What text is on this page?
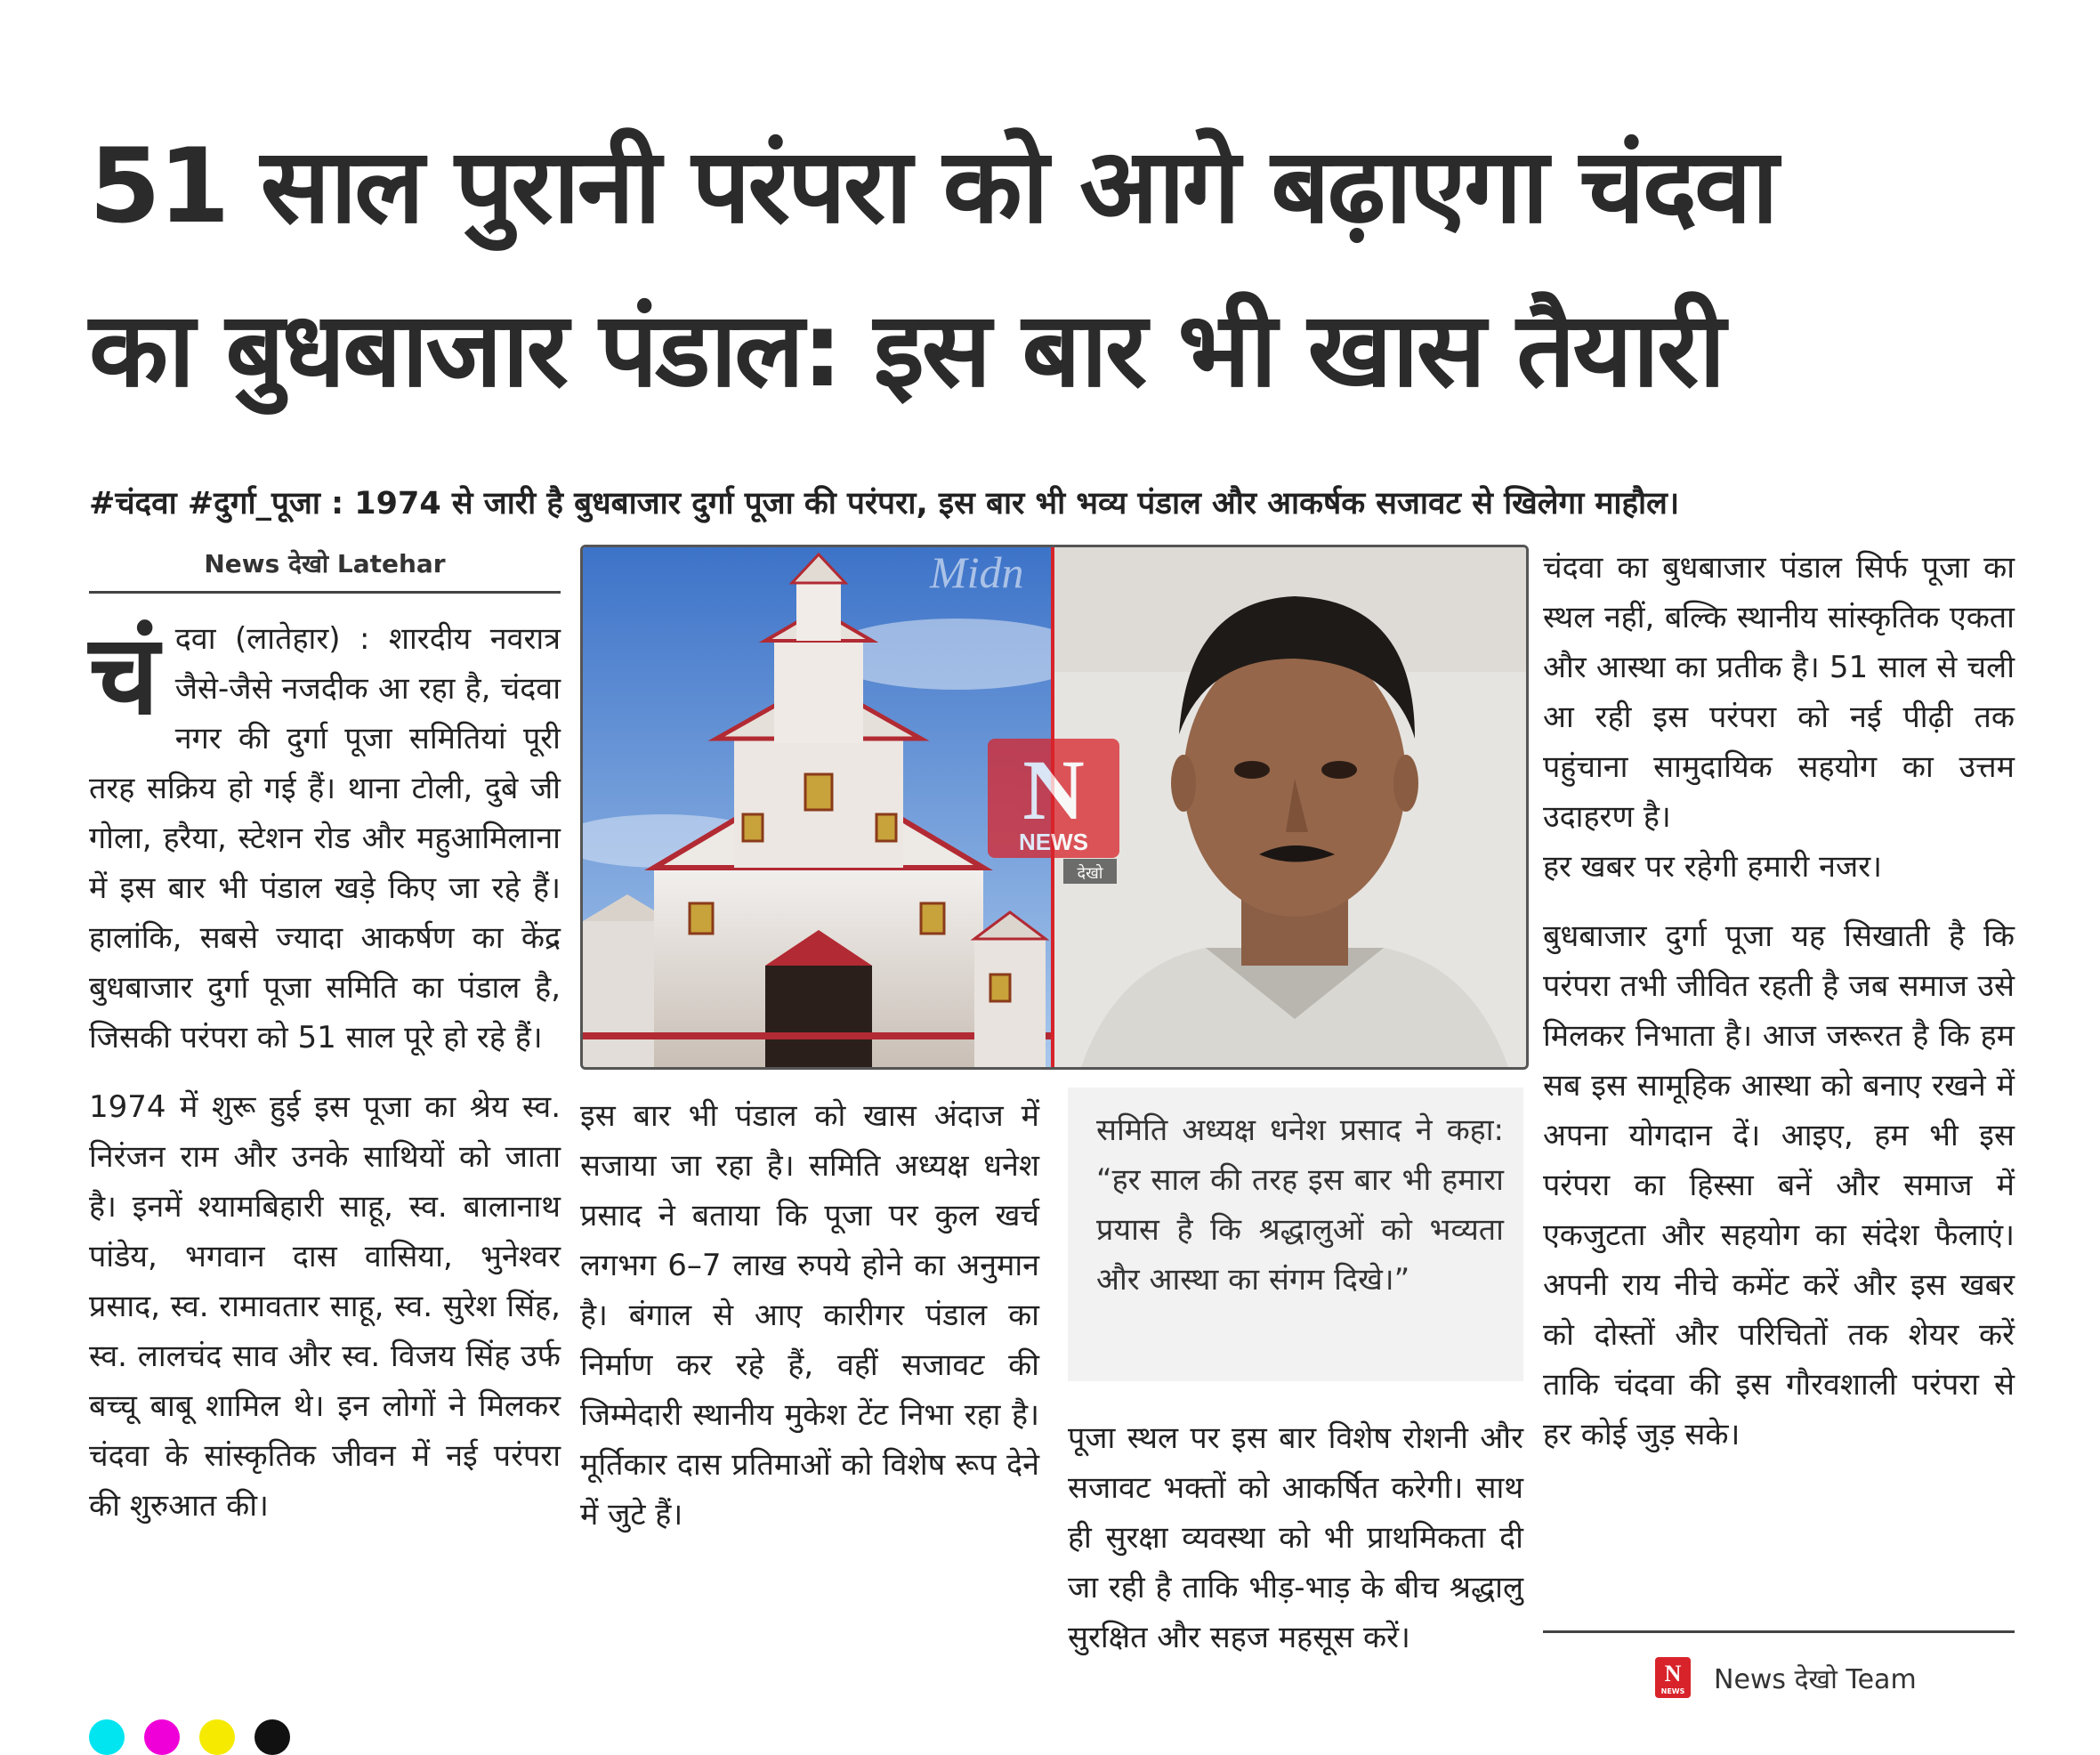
51 साल पुरानी परंपरा को आगे बढ़ाएगा चंदवा
का बुधबाजार पंडाल: इस बार भी खास तैयारी
#चंदवा #दुर्गा_पूजा : 1974 से जारी है बुधबाजार दुर्गा पूजा की परंपरा, इस बार भी भव्य पंडाल और आकर्षक सजावट से खिलेगा माहौल।
News देखो Latehar

चंदवा (लातेहार) : शारदीय नवरात्र जैसे-जैसे नजदीक आ रहा है, चंदवा नगर की दुर्गा पूजा समितियां पूरी तरह सक्रिय हो गई हैं। थाना टोली, दुबे जी गोला, हरैया, स्टेशन रोड और महुआमिलाना में इस बार भी पंडाल खड़े किए जा रहे हैं। हालांकि, सबसे ज्यादा आकर्षण का केंद्र बुधबाजार दुर्गा पूजा समिति का पंडाल है, जिसकी परंपरा को 51 साल पूरे हो रहे हैं।

1974 में शुरू हुई इस पूजा का श्रेय स्व. निरंजन राम और उनके साथियों को जाता है। इनमें श्यामबिहारी साहू, स्व. बालानाथ पांडेय, भगवान दास वासिया, भुनेश्वर प्रसाद, स्व. रामावतार साहू, स्व. सुरेश सिंह, स्व. लालचंद साव और स्व. विजय सिंह उर्फ बच्चू बाबू शामिल थे। इन लोगों ने मिलकर चंदवा के सांस्कृतिक जीवन में नई परंपरा की शुरुआत की।

Midn
N
NEWS
देखो

इस बार भी पंडाल को खास अंदाज में सजाया जा रहा है। समिति अध्यक्ष धनेश प्रसाद ने बताया कि पूजा पर कुल खर्च लगभग 6–7 लाख रुपये होने का अनुमान है। बंगाल से आए कारीगर पंडाल का निर्माण कर रहे हैं, वहीं सजावट की जिम्मेदारी स्थानीय मुकेश टेंट निभा रहा है। मूर्तिकार दास प्रतिमाओं को विशेष रूप देने में जुटे हैं।

समिति अध्यक्ष धनेश प्रसाद ने कहा: “हर साल की तरह इस बार भी हमारा प्रयास है कि श्रद्धालुओं को भव्यता और आस्था का संगम दिखे।”

पूजा स्थल पर इस बार विशेष रोशनी और सजावट भक्तों को आकर्षित करेगी। साथ ही सुरक्षा व्यवस्था को भी प्राथमिकता दी जा रही है ताकि भीड़-भाड़ के बीच श्रद्धालु सुरक्षित और सहज महसूस करें।

चंदवा का बुधबाजार पंडाल सिर्फ पूजा का स्थल नहीं, बल्कि स्थानीय सांस्कृतिक एकता और आस्था का प्रतीक है। 51 साल से चली आ रही इस परंपरा को नई पीढ़ी तक पहुंचाना सामुदायिक सहयोग का उत्तम उदाहरण है।
हर खबर पर रहेगी हमारी नजर।

बुधबाजार दुर्गा पूजा यह सिखाती है कि परंपरा तभी जीवित रहती है जब समाज उसे मिलकर निभाता है। आज जरूरत है कि हम सब इस सामूहिक आस्था को बनाए रखने में अपना योगदान दें। आइए, हम भी इस परंपरा का हिस्सा बनें और समाज में एकजुटता और सहयोग का संदेश फैलाएं। अपनी राय नीचे कमेंट करें और इस खबर को दोस्तों और परिचितों तक शेयर करें ताकि चंदवा की इस गौरवशाली परंपरा से हर कोई जुड़ सके।

N
NEWS News देखो Team
